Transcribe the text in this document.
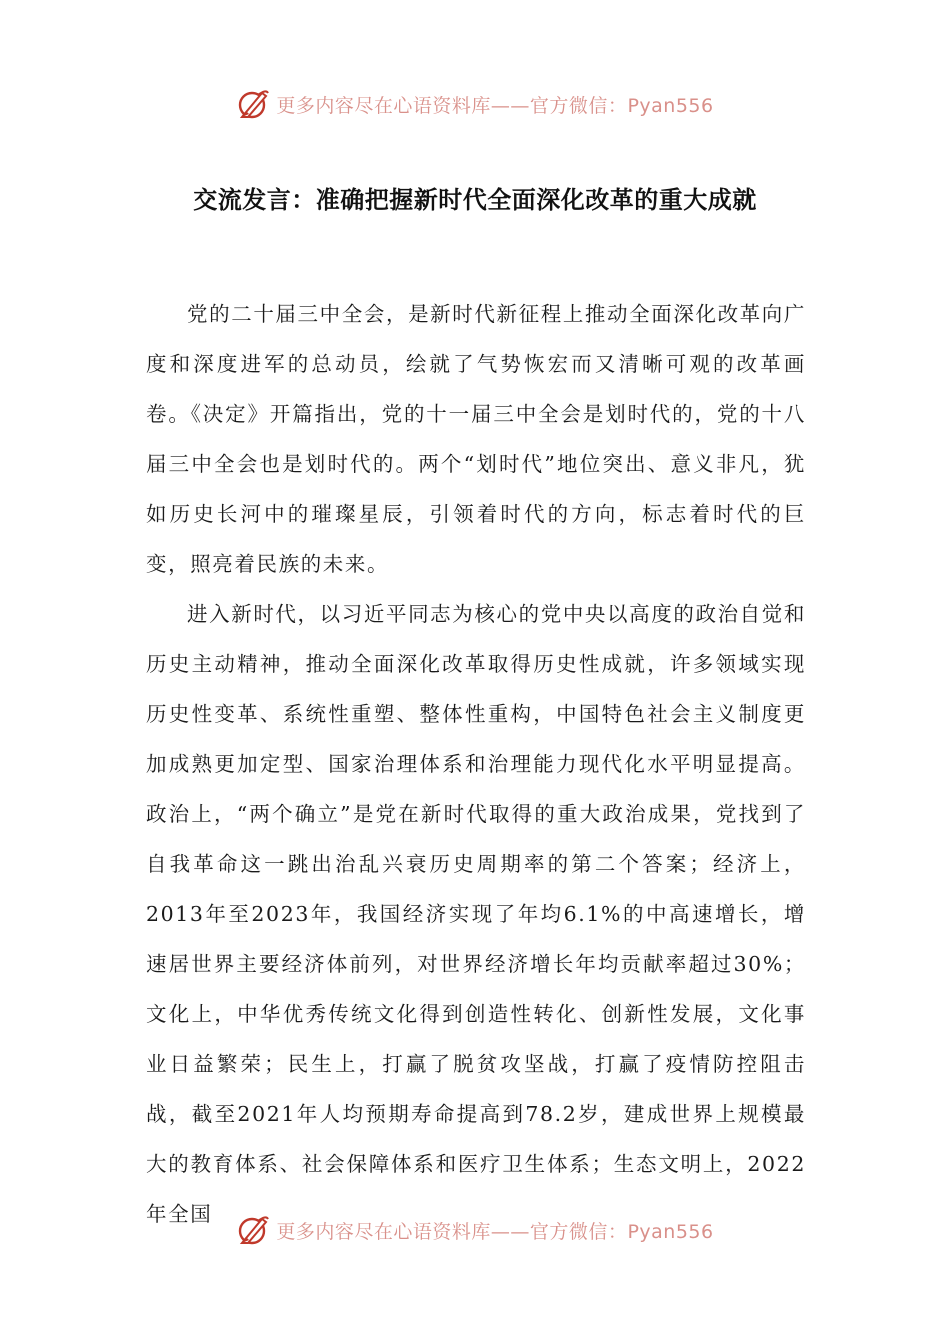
更多内容尽在心语资料库——官方微信：Pyan556
交流发言：准确把握新时代全面深化改革的重大成就

党的二十届三中全会，是新时代新征程上推动全面深化改革向广度和深度进军的总动员，绘就了气势恢宏而又清晰可观的改革画卷。《决定》开篇指出，党的十一届三中全会是划时代的，党的十八届三中全会也是划时代的。两个“划时代”地位突出、意义非凡，犹如历史长河中的璀璨星辰，引领着时代的方向，标志着时代的巨变，照亮着民族的未来。

进入新时代，以习近平同志为核心的党中央以高度的政治自觉和历史主动精神，推动全面深化改革取得历史性成就，许多领域实现历史性变革、系统性重塑、整体性重构，中国特色社会主义制度更加成熟更加定型、国家治理体系和治理能力现代化水平明显提高。政治上，“两个确立”是党在新时代取得的重大政治成果，党找到了自我革命这一跳出治乱兴衰历史周期率的第二个答案；经济上，2013年至2023年，我国经济实现了年均6.1%的中高速增长，增速居世界主要经济体前列，对世界经济增长年均贡献率超过30%；文化上，中华优秀传统文化得到创造性转化、创新性发展，文化事业日益繁荣；民生上，打赢了脱贫攻坚战，打赢了疫情防控阻击战，截至2021年人均预期寿命提高到78.2岁，建成世界上规模最大的教育体系、社会保障体系和医疗卫生体系；生态文明上，2022年全国

更多内容尽在心语资料库——官方微信：Pyan556
